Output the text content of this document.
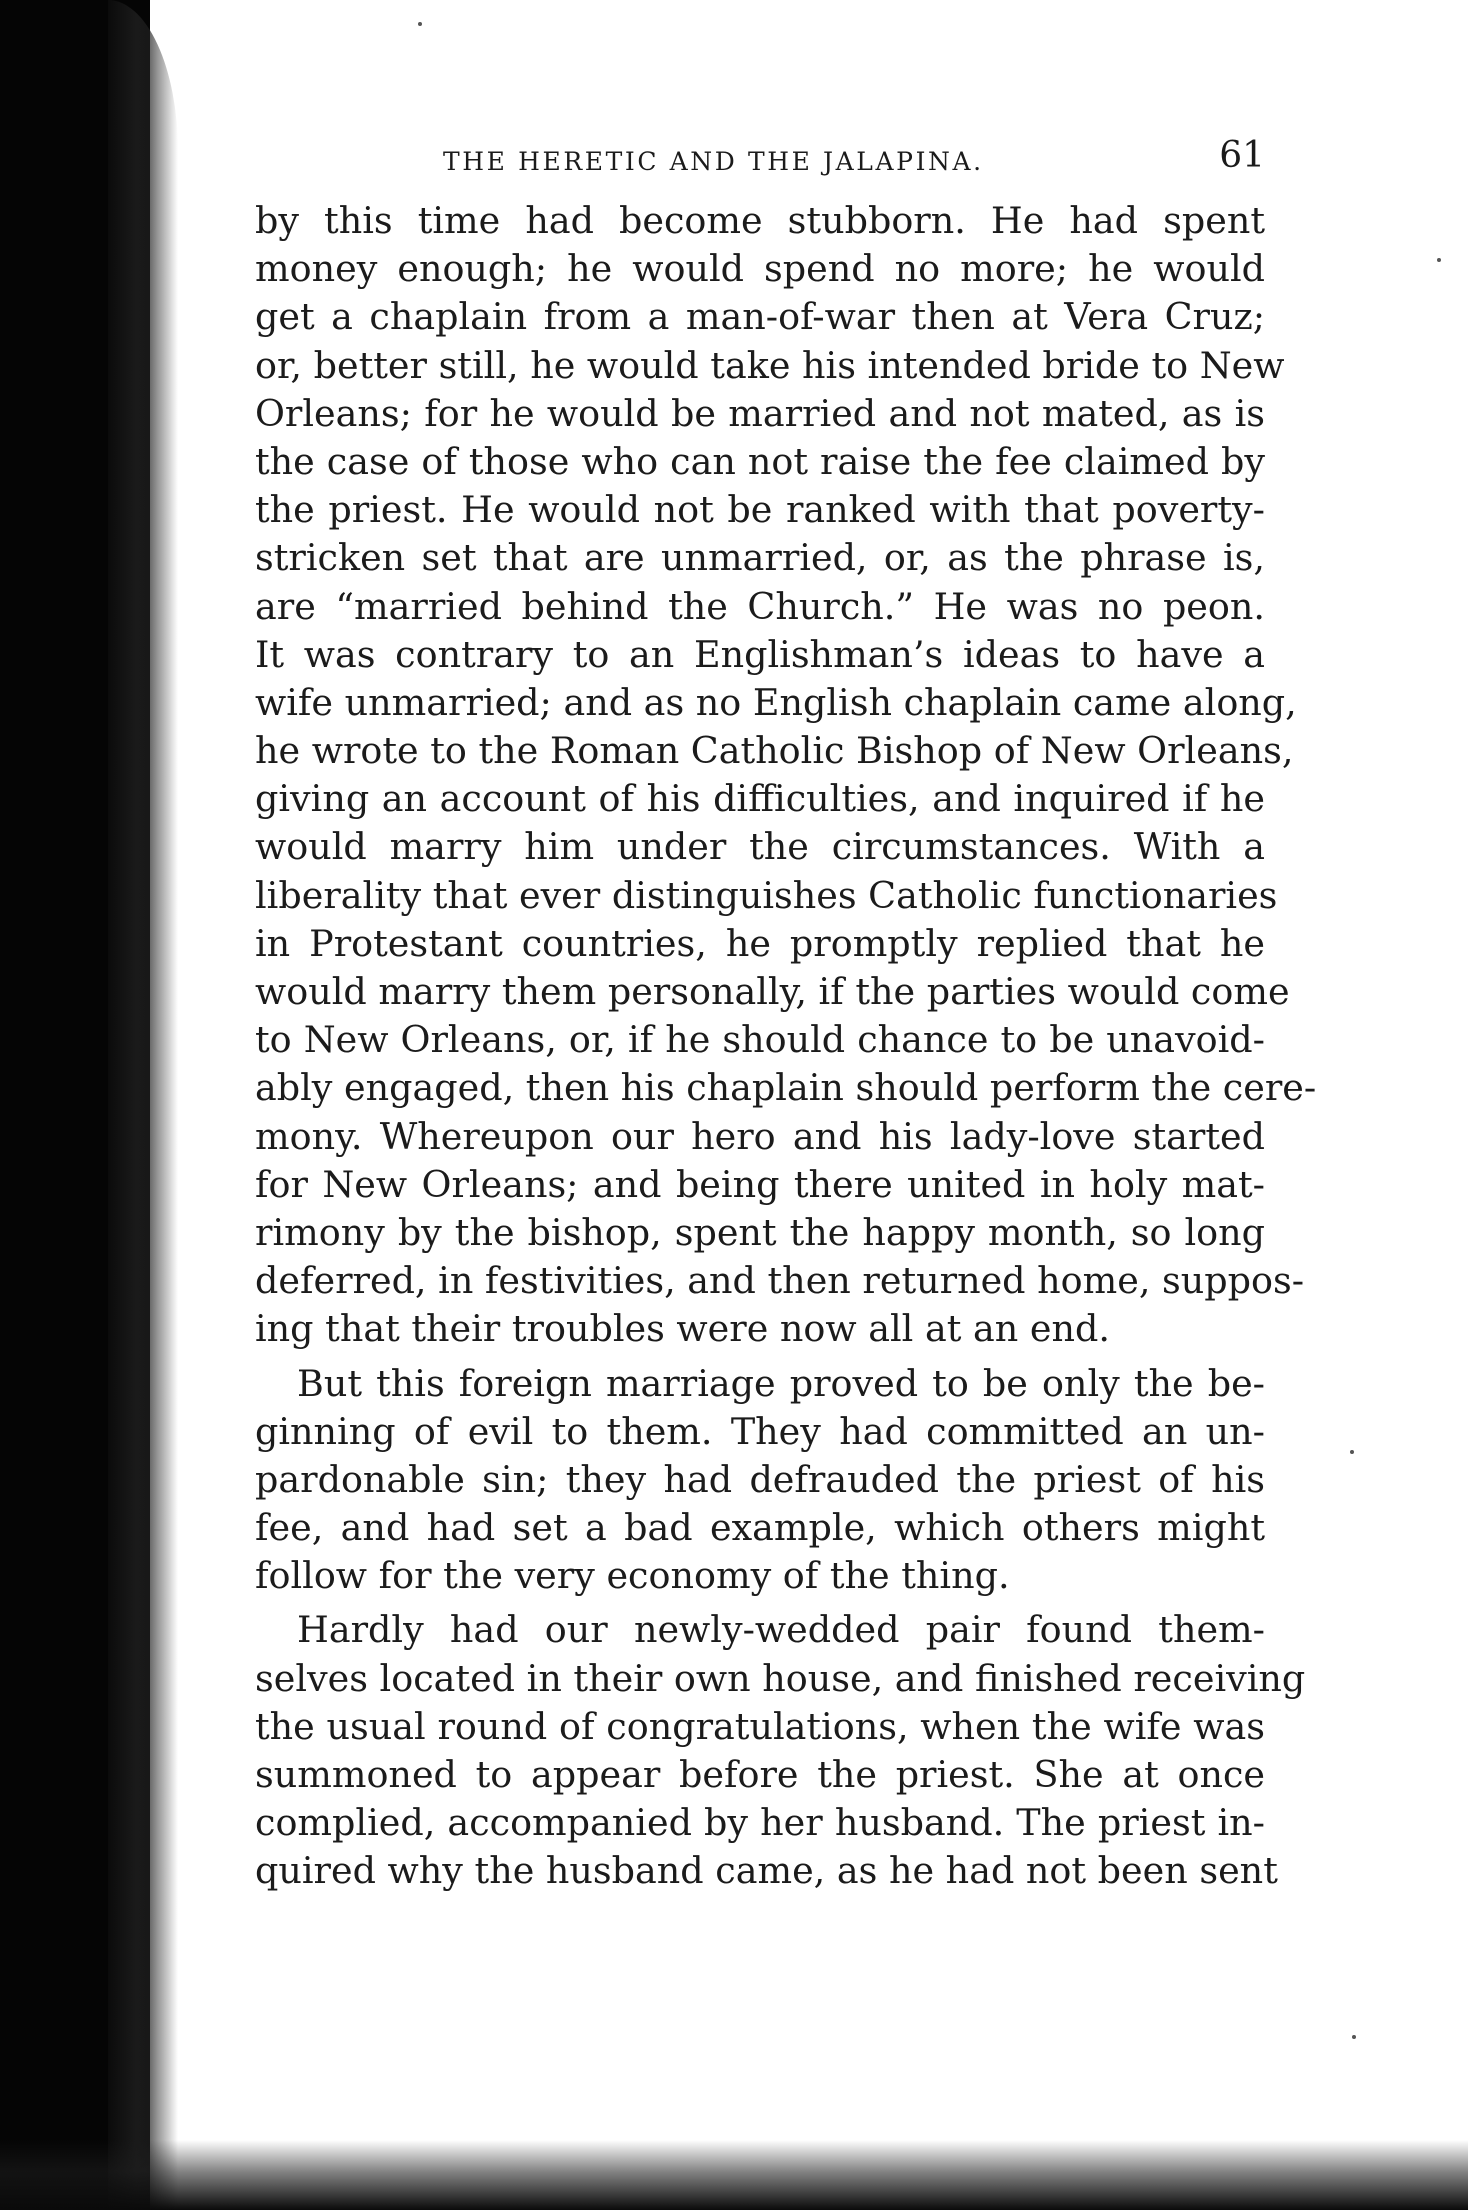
THE HERETIC AND THE JALAPINA.	61
by this time had become stubborn. He had spent
money enough; he would spend no more; he would
get a chaplain from a man-of-war then at Vera Cruz;
or, better still, he would take his intended bride to New
Orleans; for he would be married and not mated, as is
the case of those who can not raise the fee claimed by
the priest. He would not be ranked with that poverty-
stricken set that are unmarried, or, as the phrase is,
are “married behind the Church.” He was no peon.
It was contrary to an Englishman’s ideas to have a
wife unmarried; and as no English chaplain came along,
he wrote to the Roman Catholic Bishop of New Orleans,
giving an account of his difficulties, and inquired if he
would marry him under the circumstances. With a
liberality that ever distinguishes Catholic functionaries
in Protestant countries, he promptly replied that he
would marry them personally, if the parties would come
to New Orleans, or, if he should chance to be unavoid-
ably engaged, then his chaplain should perform the cere-
mony. Whereupon our hero and his lady-love started
for New Orleans; and being there united in holy mat-
rimony by the bishop, spent the happy month, so long
deferred, in festivities, and then returned home, suppos-
ing that their troubles were now all at an end.
But this foreign marriage proved to be only the be-
ginning of evil to them. They had committed an un-
pardonable sin; they had defrauded the priest of his
fee, and had set a bad example, which others might
follow for the very economy of the thing.
Hardly had our newly-wedded pair found them-
selves located in their own house, and finished receiving
the usual round of congratulations, when the wife was
summoned to appear before the priest. She at once
complied, accompanied by her husband. The priest in-
quired why the husband came, as he had not been sent
